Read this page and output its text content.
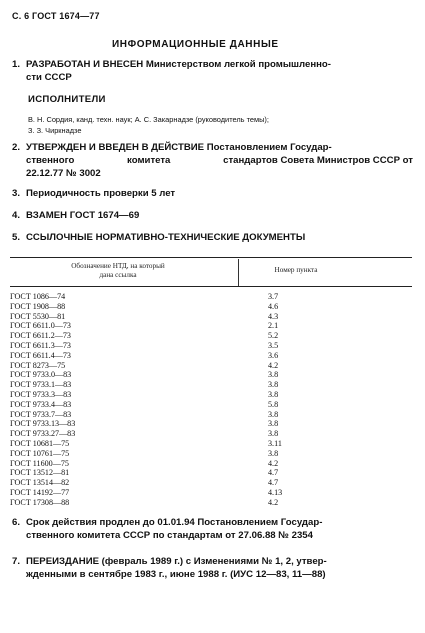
С. 6 ГОСТ 1674—77
ИНФОРМАЦИОННЫЕ ДАННЫЕ
1. РАЗРАБОТАН И ВНЕСЕН Министерством легкой промышленно-
сти СССР
ИСПОЛНИТЕЛИ
В. Н. Сордия, канд. техн. наук; А. С. Закарнадзе (руководитель темы);
З. З. Чиркнадзе
2. УТВЕРЖДЕН И ВВЕДЕН В ДЕЙСТВИЕ Постановлением Государ-
ственного	комитета	стандартов Совета Министров СССР от
22.12.77 № 3002
3. Периодичность проверки 5 лет
4. ВЗАМЕН ГОСТ 1674—69
5. ССЫЛОЧНЫЕ НОРМАТИВНО-ТЕХНИЧЕСКИЕ ДОКУМЕНТЫ
Обозначение НТД, на который
дана ссылка
Номер пункта
ГОСТ 1086—74	3.7
ГОСТ 1908—88	4.6
ГОСТ 5530—81	4.3
ГОСТ 6611.0—73	2.1
ГОСТ 6611.2—73	5.2
ГОСТ 6611.3—73	3.5
ГОСТ 6611.4—73	3.6
ГОСТ 8273—75	4.2
ГОСТ 9733.0—83	3.8
ГОСТ 9733.1—83	3.8
ГОСТ 9733.3—83	3.8
ГОСТ 9733.4—83	5.8
ГОСТ 9733.7—83	3.8
ГОСТ 9733.13—83	3.8
ГОСТ 9733.27—83	3.8
ГОСТ 10681—75	3.11
ГОСТ 10761—75	3.8
ГОСТ 11600—75	4.2
ГОСТ 13512—81	4.7
ГОСТ 13514—82	4.7
ГОСТ 14192—77	4.13
ГОСТ 17308—88	4.2
6. Срок действия продлен до 01.01.94 Постановлением Государ-
ственного комитета СССР по стандартам от 27.06.88 № 2354
7. ПЕРЕИЗДАНИЕ (февраль 1989 г.) с Изменениями № 1, 2, утвер-
жденными в сентябре 1983 г., июне 1988 г. (ИУС 12—83, 11—88)
